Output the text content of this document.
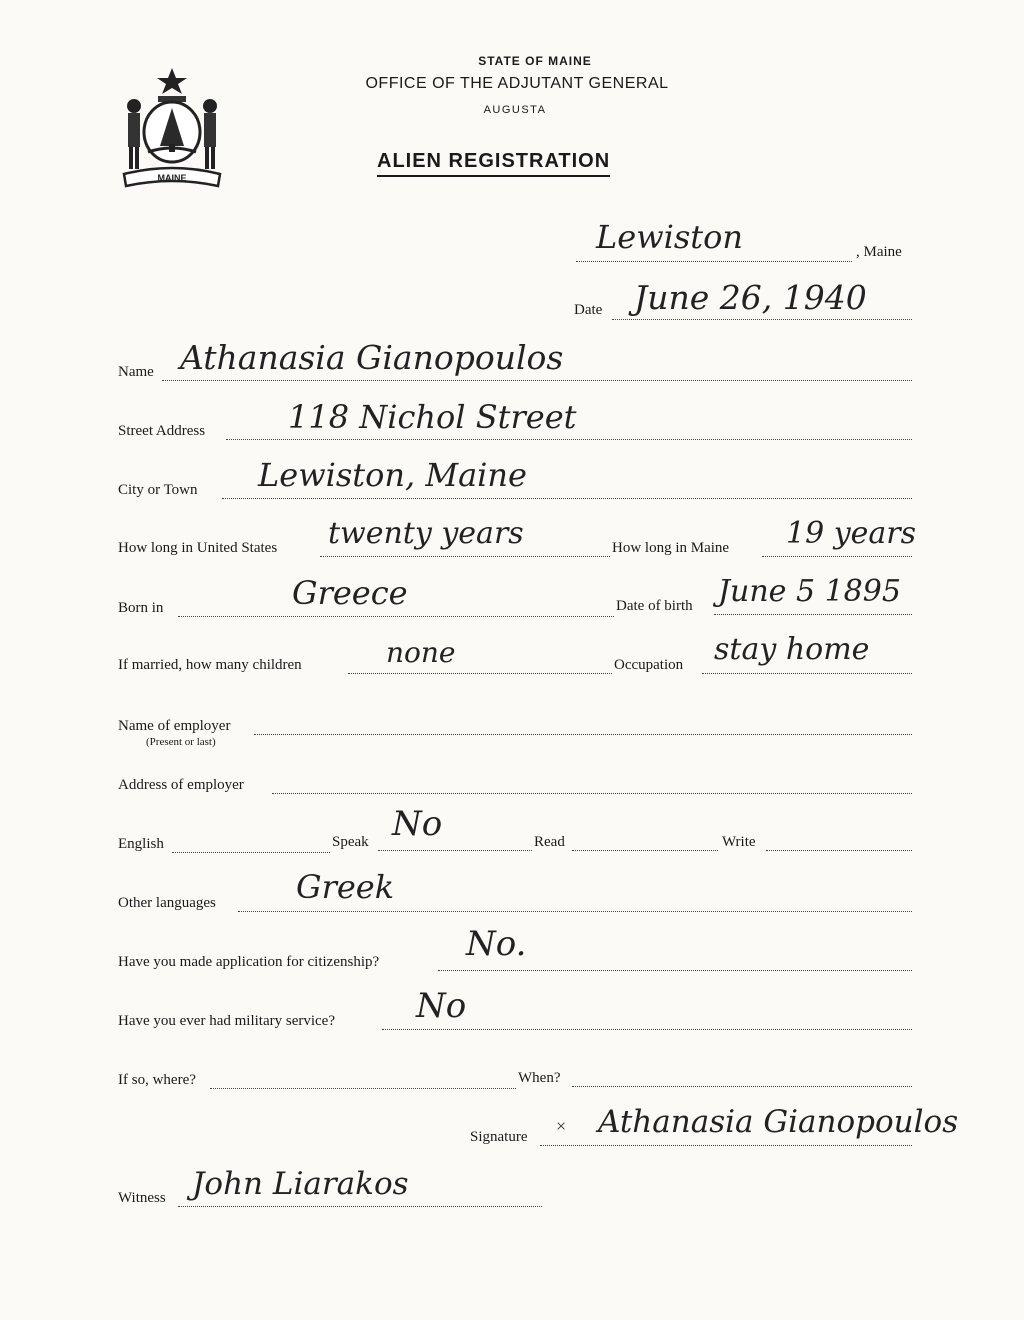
MAINE
STATE OF MAINE
OFFICE OF THE ADJUTANT GENERAL
AUGUSTA
ALIEN REGISTRATION
Lewiston	, Maine
Date June 26, 1940
Name Athanasia Gianopoulos
Street Address	118 Nichol Street
City or Town Lewiston, Maine
How long in United States twenty years	How long in Maine 19 years
Born in	Greece	Date of birth June 5 1895
If married, how many children	none	Occupation stay home
Name of employer
(Present or last)
Address of employer
English	Speak No	Read	Write
Other languages	Greek
Have you made application for citizenship?	No.
Have you ever had military service? No
If so, where?	When?
Signature
× Athanasia Gianopoulos
Witness John Liarakos
